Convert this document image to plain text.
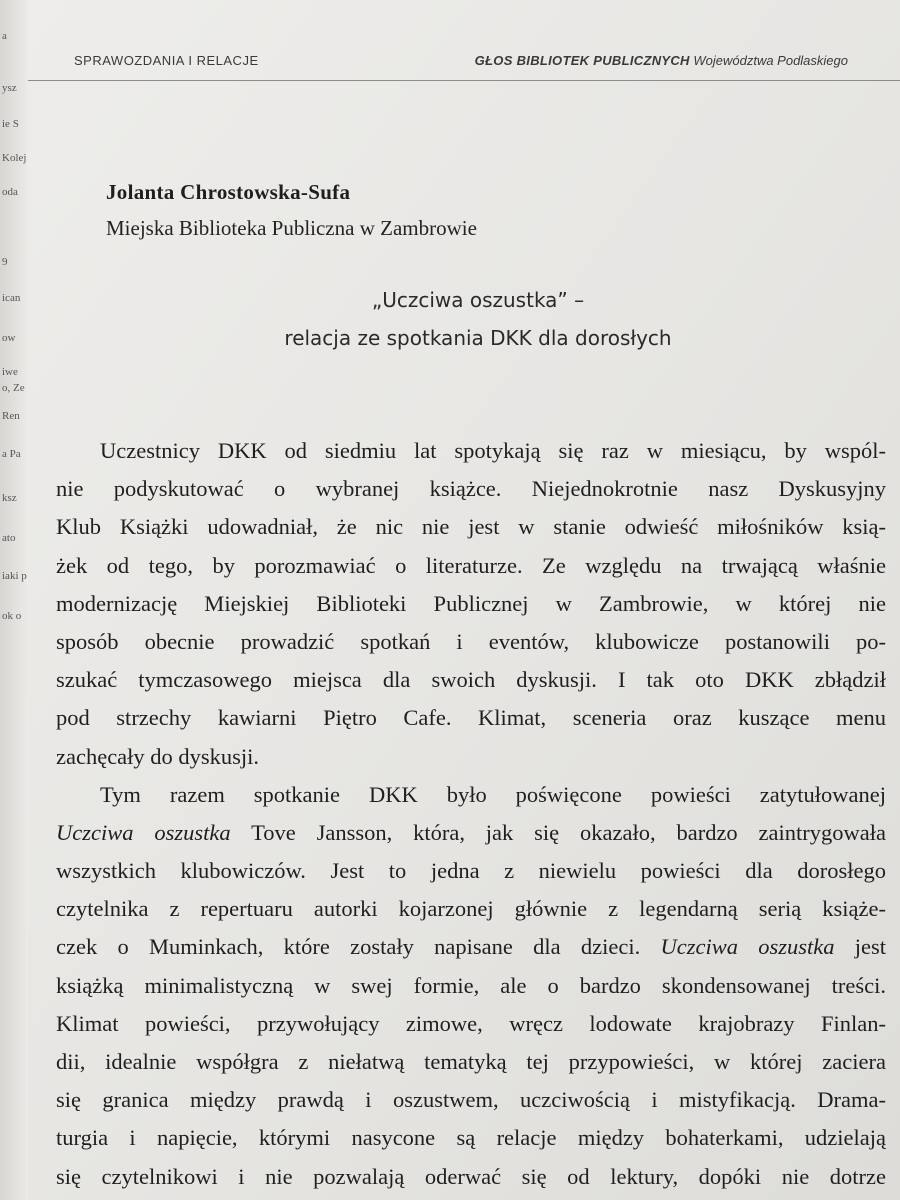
a
ysz
ie S
Kolej
oda
9
ican
ow
iwe
o, Ze
Ren
a Pa
ksz
ato
iaki p
ok o
SPRAWOZDANIA I RELACJE	GŁOS BIBLIOTEK PUBLICZNYCH Województwa Podlaskiego
Jolanta Chrostowska-Sufa
Miejska Biblioteka Publiczna w Zambrowie
„Uczciwa oszustka” –
relacja ze spotkania DKK dla dorosłych
Uczestnicy DKK od siedmiu lat spotykają się raz w miesiącu, by wspól-
nie podyskutować o wybranej książce. Niejednokrotnie nasz Dyskusyjny
Klub Książki udowadniał, że nic nie jest w stanie odwieść miłośników ksią-
żek od tego, by porozmawiać o literaturze. Ze względu na trwającą właśnie
modernizację Miejskiej Biblioteki Publicznej w Zambrowie, w której nie
sposób obecnie prowadzić spotkań i eventów, klubowicze postanowili po-
szukać tymczasowego miejsca dla swoich dyskusji. I tak oto DKK zbłądził
pod strzechy kawiarni Piętro Cafe. Klimat, sceneria oraz kuszące menu
zachęcały do dyskusji.
Tym razem spotkanie DKK było poświęcone powieści zatytułowanej
Uczciwa oszustka Tove Jansson, która, jak się okazało, bardzo zaintrygowała
wszystkich klubowiczów. Jest to jedna z niewielu powieści dla dorosłego
czytelnika z repertuaru autorki kojarzonej głównie z legendarną serią książe-
czek o Muminkach, które zostały napisane dla dzieci. Uczciwa oszustka jest
książką minimalistyczną w swej formie, ale o bardzo skondensowanej treści.
Klimat powieści, przywołujący zimowe, wręcz lodowate krajobrazy Finlan-
dii, idealnie współgra z niełatwą tematyką tej przypowieści, w której zaciera
się granica między prawdą i oszustwem, uczciwością i mistyfikacją. Drama-
turgia i napięcie, którymi nasycone są relacje między bohaterkami, udzielają
się czytelnikowi i nie pozwalają oderwać się od lektury, dopóki nie dotrze
